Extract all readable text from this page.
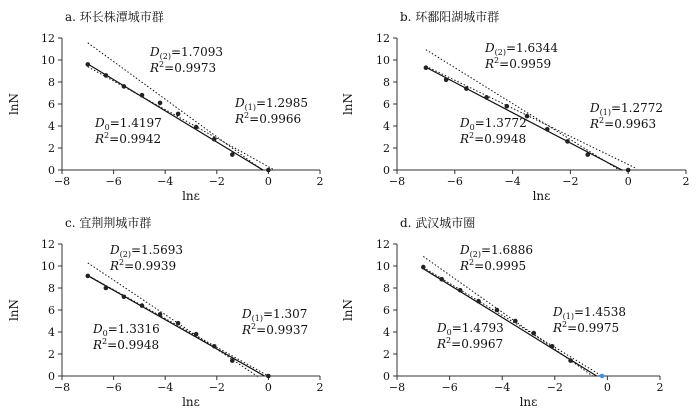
a. 环长株潭城市群
0
2
4
6
8
10
12
−8	−6	−4	−2	0	2
lnε
lnN
$D_{(2)}=1.7093$
$R^2=0.9973$
$D_{(1)}=1.2985$
$R^2=0.9966$
$D_0=1.4197$
$R^2=0.9942$
b. 环鄱阳湖城市群
0
2
4
6
8
10
12
−8	−6	−4	−2	0	2
lnε
lnN
$D_{(2)}=1.6344$
$R^2=0.9959$
$D_{(1)}=1.2772$
$R^2=0.9963$
$D_0=1.3772$
$R^2=0.9948$
c. 宜荆荆城市群
0
2
4
6
8
10
12
−8	−6	−4	−2	0	2
lnε
lnN
$D_{(2)}=1.5693$
$R^2=0.9939$
$D_{(1)}=1.307$
$R^2=0.9937$
$D_0=1.3316$
$R^2=0.9948$
d. 武汉城市圈
0
2
4
6
8
10
12
−8	−6	−4	−2	0	2
lnε
lnN
$D_{(2)}=1.6886$
$R^2=0.9995$
$D_{(1)}=1.4538$
$R^2=0.9975$
$D_0=1.4793$
$R^2=0.9967$
